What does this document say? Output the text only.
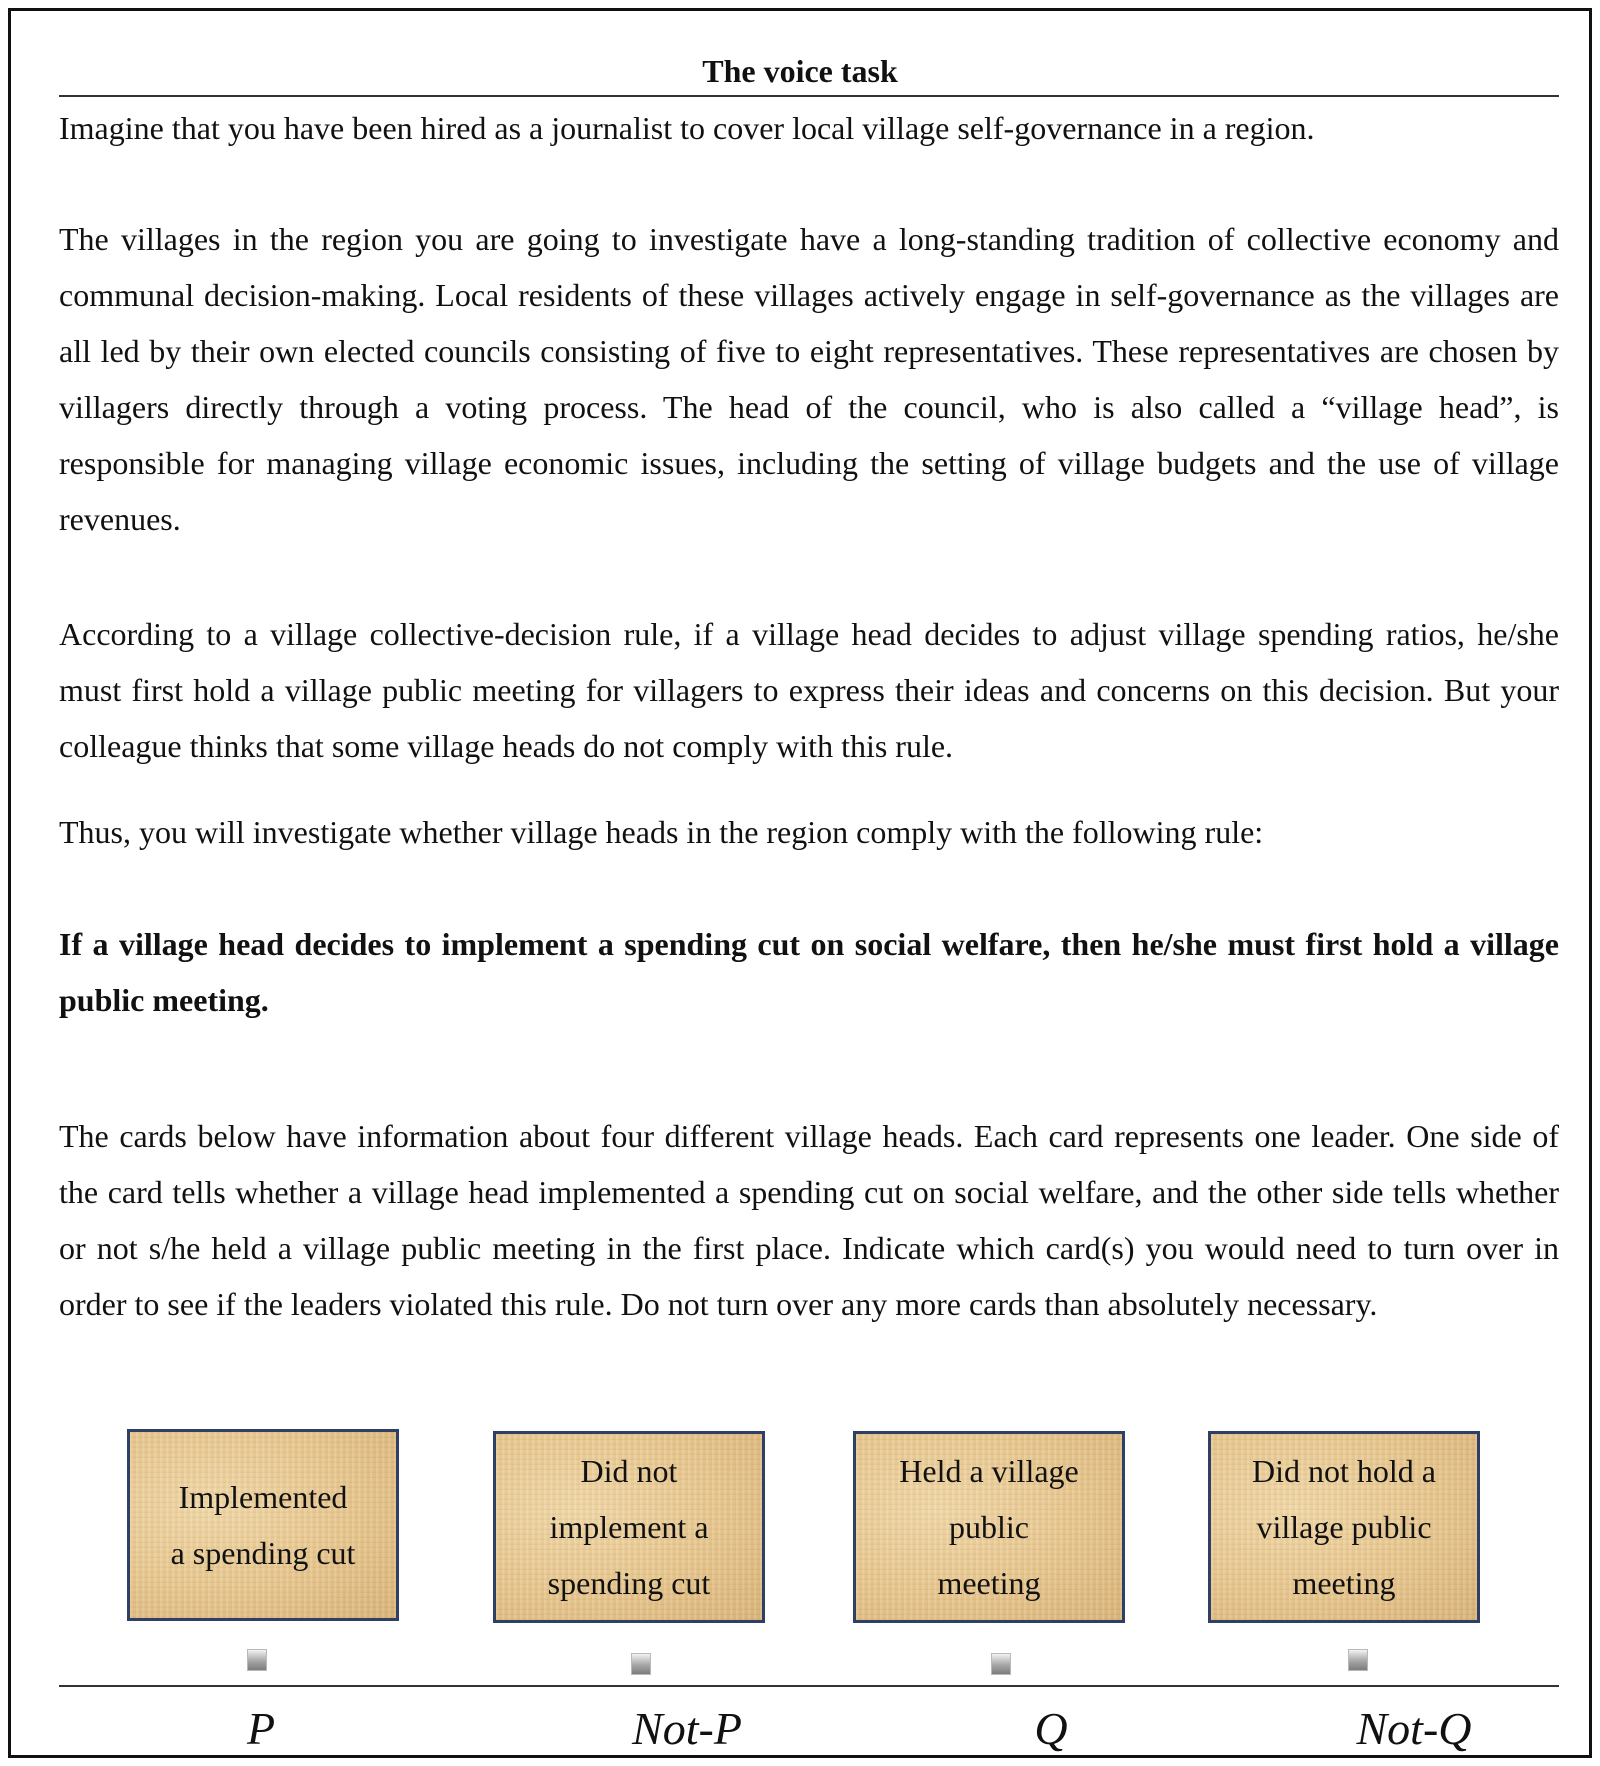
The voice task

Imagine that you have been hired as a journalist to cover local village self-governance in a region.

The villages in the region you are going to investigate have a long-standing tradition of collective economy and communal decision-making. Local residents of these villages actively engage in self-governance as the villages are all led by their own elected councils consisting of five to eight representatives. These representatives are chosen by villagers directly through a voting process. The head of the council, who is also called a “village head”, is responsible for managing village economic issues, including the setting of village budgets and the use of village revenues.

According to a village collective-decision rule, if a village head decides to adjust village spending ratios, he/she must first hold a village public meeting for villagers to express their ideas and concerns on this decision. But your colleague thinks that some village heads do not comply with this rule.

Thus, you will investigate whether village heads in the region comply with the following rule:

If a village head decides to implement a spending cut on social welfare, then he/she must first hold a village public meeting.

The cards below have information about four different village heads. Each card represents one leader. One side of the card tells whether a village head implemented a spending cut on social welfare, and the other side tells whether or not s/he held a village public meeting in the first place. Indicate which card(s) you would need to turn over in order to see if the leaders violated this rule. Do not turn over any more cards than absolutely necessary.

Implemented
a spending cut
Did not
implement a
spending cut
Held a village
public
meeting
Did not hold a
village public
meeting
P	Not-P	Q	Not-Q
